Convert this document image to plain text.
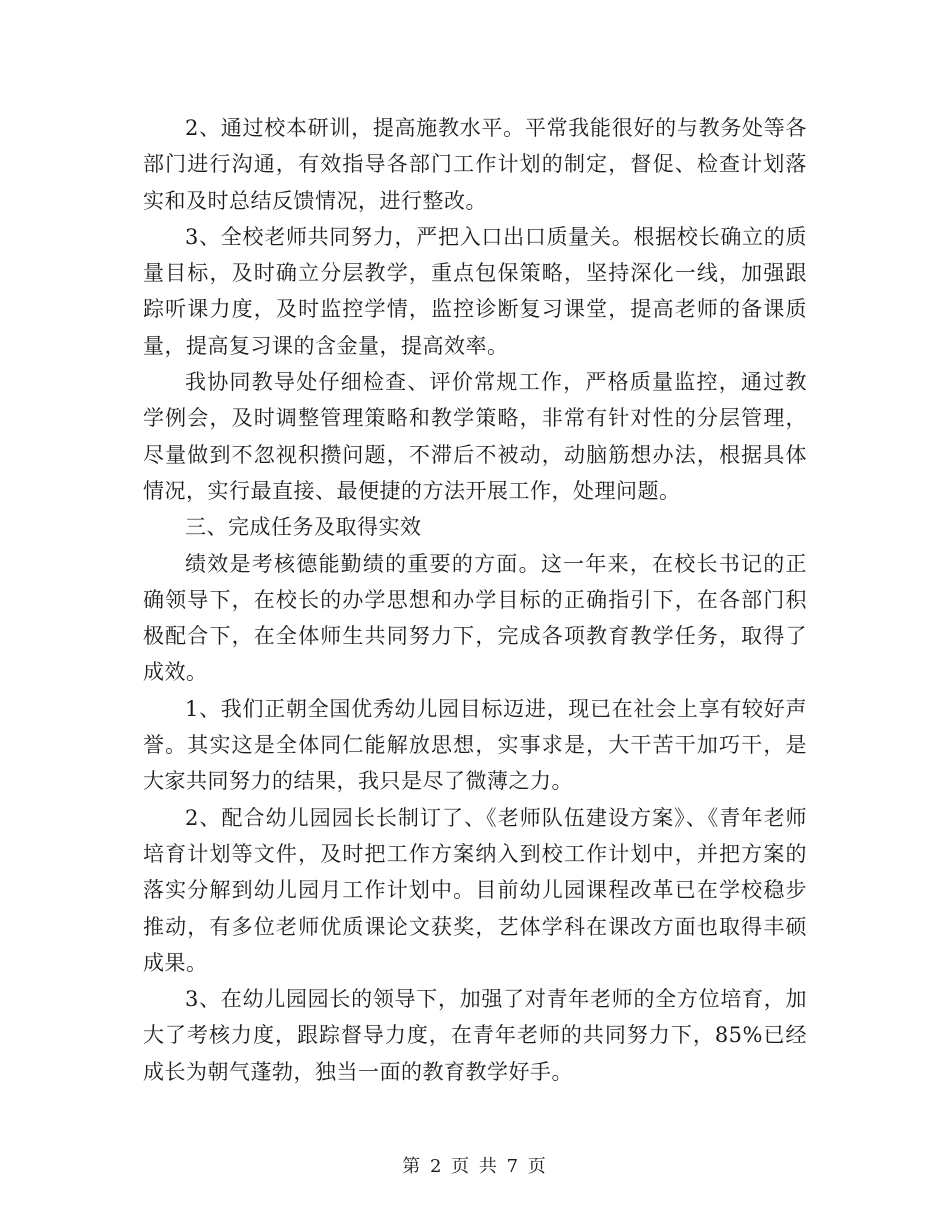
2、通过校本研训，提高施教水平。平常我能很好的与教务处等各部门进行沟通，有效指导各部门工作计划的制定，督促、检查计划落实和及时总结反馈情况，进行整改。

3、全校老师共同努力，严把入口出口质量关。根据校长确立的质量目标，及时确立分层教学，重点包保策略，坚持深化一线，加强跟踪听课力度，及时监控学情，监控诊断复习课堂，提高老师的备课质量，提高复习课的含金量，提高效率。

我协同教导处仔细检查、评价常规工作，严格质量监控，通过教学例会，及时调整管理策略和教学策略，非常有针对性的分层管理，尽量做到不忽视积攒问题，不滞后不被动，动脑筋想办法，根据具体情况，实行最直接、最便捷的方法开展工作，处理问题。

三、完成任务及取得实效

绩效是考核德能勤绩的重要的方面。这一年来，在校长书记的正确领导下，在校长的办学思想和办学目标的正确指引下，在各部门积极配合下，在全体师生共同努力下，完成各项教育教学任务，取得了成效。

1、我们正朝全国优秀幼儿园目标迈进，现已在社会上享有较好声誉。其实这是全体同仁能解放思想，实事求是，大干苦干加巧干，是大家共同努力的结果，我只是尽了微薄之力。

2、配合幼儿园园长长制订了、《老师队伍建设方案》、《青年老师培育计划等文件，及时把工作方案纳入到校工作计划中，并把方案的落实分解到幼儿园月工作计划中。目前幼儿园课程改革已在学校稳步推动，有多位老师优质课论文获奖，艺体学科在课改方面也取得丰硕成果。

3、在幼儿园园长的领导下，加强了对青年老师的全方位培育，加大了考核力度，跟踪督导力度，在青年老师的共同努力下，85%已经成长为朝气蓬勃，独当一面的教育教学好手。

第 2 页 共 7 页
